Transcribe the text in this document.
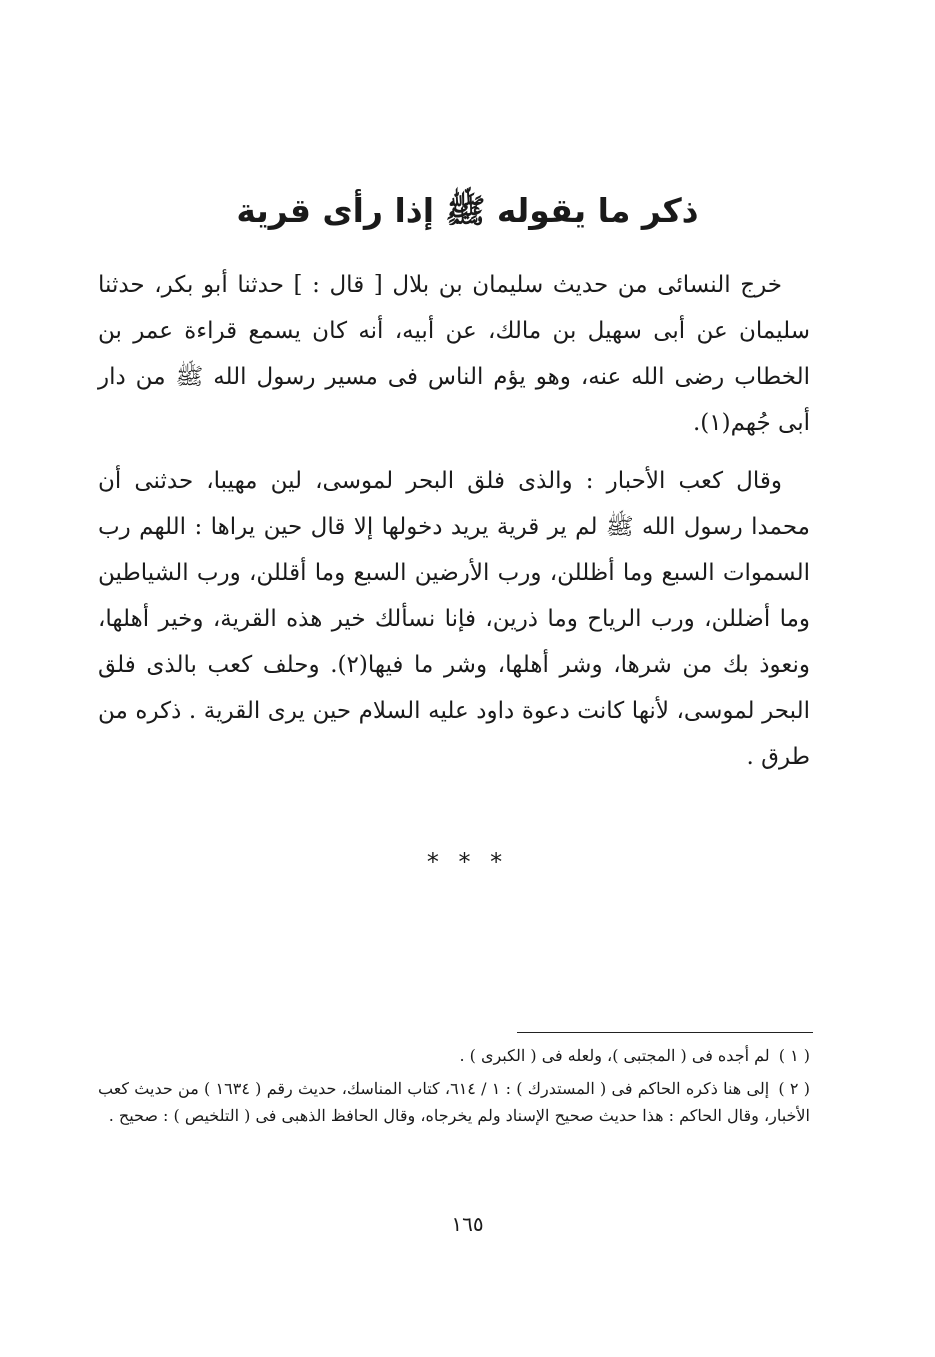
ذكر ما يقوله ﷺ إذا رأى قرية

خرج النسائى من حديث سليمان بن بلال [ قال : ] حدثنا أبو بكر، حدثنا سليمان عن أبى سهيل بن مالك، عن أبيه، أنه كان يسمع قراءة عمر بن الخطاب رضى الله عنه، وهو يؤم الناس فى مسير رسول الله ﷺ من دار أبى جُهم(١).

وقال كعب الأحبار : والذى فلق البحر لموسى، لين مهيبا، حدثنى أن محمدا رسول الله ﷺ لم ير قرية يريد دخولها إلا قال حين يراها : اللهم رب السموات السبع وما أظللن، ورب الأرضين السبع وما أقللن، ورب الشياطين وما أضللن، ورب الرياح وما ذرين، فإنا نسألك خير هذه القرية، وخير أهلها، ونعوذ بك من شرها، وشر أهلها، وشر ما فيها(٢). وحلف كعب بالذى فلق البحر لموسى، لأنها كانت دعوة داود عليه السلام حين يرى القرية . ذكره من طرق .

* * *

( ١ ) لم أجده فى ( المجتبى )، ولعله فى ( الكبرى ) .

( ٢ ) إلى هنا ذكره الحاكم فى ( المستدرك ) : ١ / ٦١٤، كتاب المناسك، حديث رقم ( ١٦٣٤ ) من حديث كعب الأخبار، وقال الحاكم : هذا حديث صحيح الإسناد ولم يخرجاه، وقال الحافظ الذهبى فى ( التلخيص ) : صحيح .

١٦٥
